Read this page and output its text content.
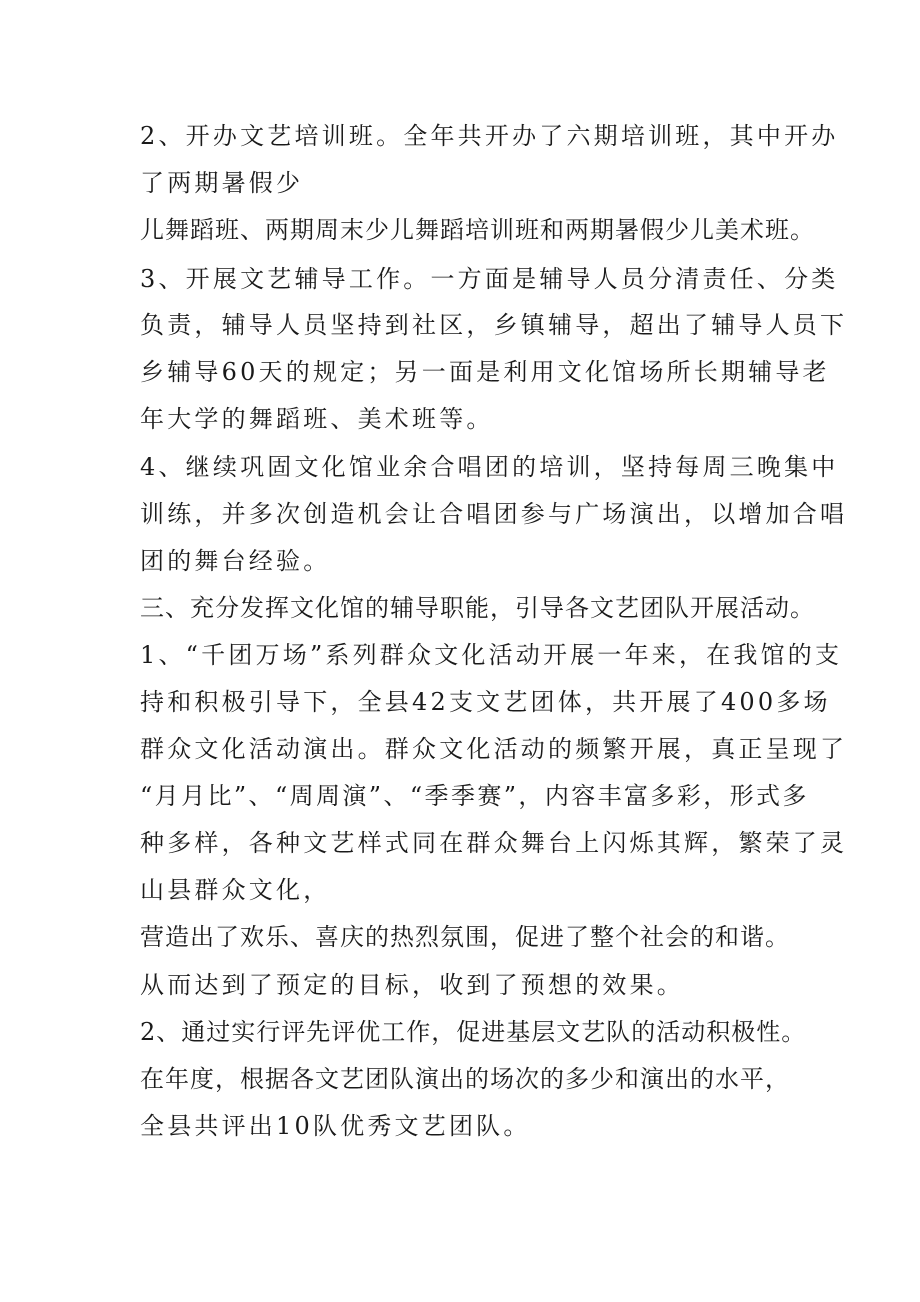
2、开办文艺培训班。全年共开办了六期培训班，其中开办
了两期暑假少
儿舞蹈班、两期周末少儿舞蹈培训班和两期暑假少儿美术班。
3、开展文艺辅导工作。一方面是辅导人员分清责任、分类
负责，辅导人员坚持到社区，乡镇辅导，超出了辅导人员下
乡辅导60天的规定；另一面是利用文化馆场所长期辅导老
年大学的舞蹈班、美术班等。
4、继续巩固文化馆业余合唱团的培训，坚持每周三晚集中
训练，并多次创造机会让合唱团参与广场演出，以增加合唱
团的舞台经验。
三、充分发挥文化馆的辅导职能，引导各文艺团队开展活动。
1、“千团万场”系列群众文化活动开展一年来，在我馆的支
持和积极引导下，全县42支文艺团体，共开展了400多场
群众文化活动演出。群众文化活动的频繁开展，真正呈现了
“月月比”、“周周演”、“季季赛”，内容丰富多彩，形式多
种多样，各种文艺样式同在群众舞台上闪烁其辉，繁荣了灵
山县群众文化，
营造出了欢乐、喜庆的热烈氛围，促进了整个社会的和谐。
从而达到了预定的目标，收到了预想的效果。
2、通过实行评先评优工作，促进基层文艺队的活动积极性。
在年度，根据各文艺团队演出的场次的多少和演出的水平，
全县共评出10队优秀文艺团队。
